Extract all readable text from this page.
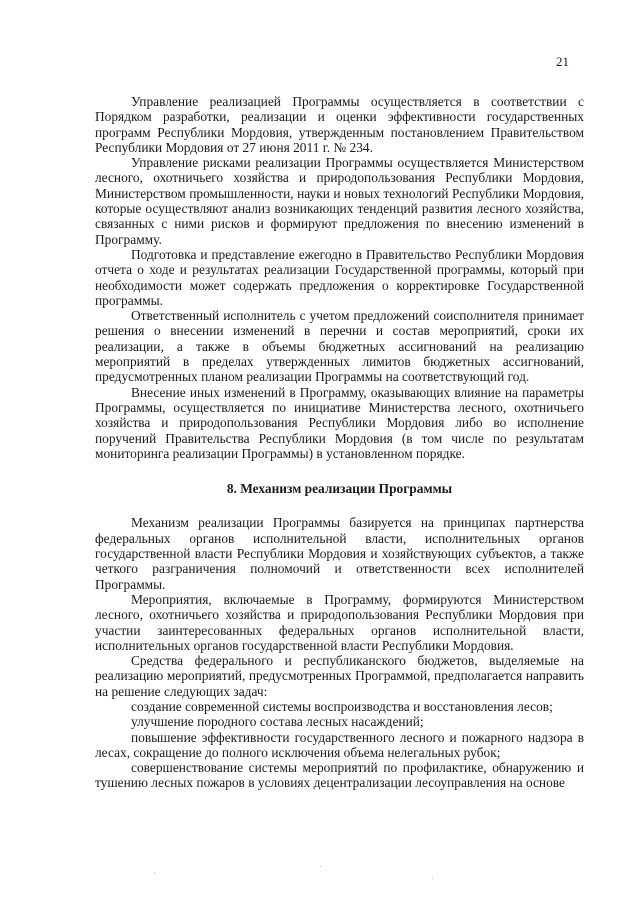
21

Управление реализацией Программы осуществляется в соответствии с Порядком разработки, реализации и оценки эффективности государственных программ Республики Мордовия, утвержденным постановлением Правительством Республики Мордовия от 27 июня 2011 г. № 234.

Управление рисками реализации Программы осуществляется Министерством лесного, охотничьего хозяйства и природопользования Республики Мордовия, Министерством промышленности, науки и новых технологий Республики Мордовия, которые осуществляют анализ возникающих тенденций развития лесного хозяйства, связанных с ними рисков и формируют предложения по внесению изменений в Программу.

Подготовка и представление ежегодно в Правительство Республики Мордовия отчета о ходе и результатах реализации Государственной программы, который при необходимости может содержать предложения о корректировке Государственной программы.

Ответственный исполнитель с учетом предложений соисполнителя принимает решения о внесении изменений в перечни и состав мероприятий, сроки их реализации, а также в объемы бюджетных ассигнований на реализацию мероприятий в пределах утвержденных лимитов бюджетных ассигнований, предусмотренных планом реализации Программы на соответствующий год.

Внесение иных изменений в Программу, оказывающих влияние на параметры Программы, осуществляется по инициативе Министерства лесного, охотничьего хозяйства и природопользования Республики Мордовия либо во исполнение поручений Правительства Республики Мордовия (в том числе по результатам мониторинга реализации Программы) в установленном порядке.

8. Механизм реализации Программы

Механизм реализации Программы базируется на принципах партнерства федеральных органов исполнительной власти, исполнительных органов государственной власти Республики Мордовия и хозяйствующих субъектов, а также четкого разграничения полномочий и ответственности всех исполнителей Программы.

Мероприятия, включаемые в Программу, формируются Министерством лесного, охотничьего хозяйства и природопользования Республики Мордовия при участии заинтересованных федеральных органов исполнительной власти, исполнительных органов государственной власти Республики Мордовия.

Средства федерального и республиканского бюджетов, выделяемые на реализацию мероприятий, предусмотренных Программой, предполагается направить на решение следующих задач:

создание современной системы воспроизводства и восстановления лесов;

улучшение породного состава лесных насаждений;

повышение эффективности государственного лесного и пожарного надзора в лесах, сокращение до полного исключения объема нелегальных рубок;

совершенствование системы мероприятий по профилактике, обнаружению и тушению лесных пожаров в условиях децентрализации лесоуправления на основе
